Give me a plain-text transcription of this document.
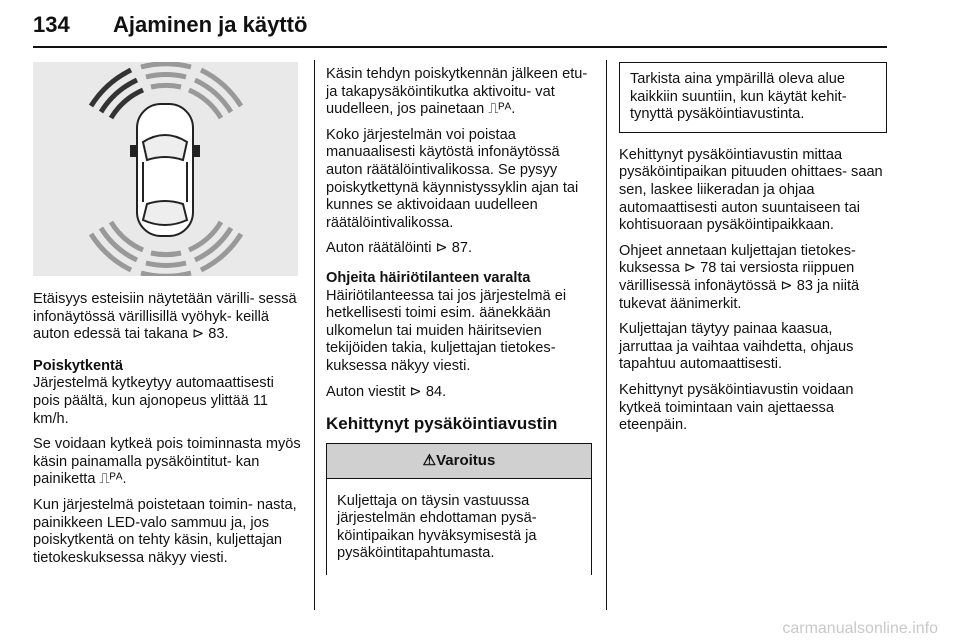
134 Ajaminen ja käyttö

Etäisyys esteisiin näytetään värilli- sessä infonäytössä värillisillä vyöhyk- keillä auton edessä tai takana ⊳ 83.

Poiskytkentä

Järjestelmä kytkeytyy automaattisesti pois päältä, kun ajonopeus ylittää 11 km/h.

Se voidaan kytkeä pois toiminnasta myös käsin painamalla pysäköintitut- kan painiketta ⎍ᴾᴬ.

Kun järjestelmä poistetaan toimin- nasta, painikkeen LED-valo sammuu ja, jos poiskytkentä on tehty käsin, kuljettajan tietokeskuksessa näkyy viesti.

Käsin tehdyn poiskytkennän jälkeen etu- ja takapysäköintikutka aktivoitu- vat uudelleen, jos painetaan ⎍ᴾᴬ.

Koko järjestelmän voi poistaa manuaalisesti käytöstä infonäytössä auton räätälöintivalikossa. Se pysyy poiskytkettynä käynnistyssyklin ajan tai kunnes se aktivoidaan uudelleen räätälöintivalikossa.

Auton räätälöinti ⊳ 87.

Ohjeita häiriötilanteen varalta

Häiriötilanteessa tai jos järjestelmä ei hetkellisesti toimi esim. äänekkään ulkomelun tai muiden häiritsevien tekijöiden takia, kuljettajan tietokes- kuksessa näkyy viesti.

Auton viestit ⊳ 84.

Kehittynyt pysäköintiavustin
⚠Varoitus
Kuljettaja on täysin vastuussa järjestelmän ehdottaman pysä- köintipaikan hyväksymisestä ja pysäköintitapahtumasta.
Tarkista aina ympärillä oleva alue kaikkiin suuntiin, kun käytät kehit- tynyttä pysäköintiavustinta.

Kehittynyt pysäköintiavustin mittaa pysäköintipaikan pituuden ohittaes- saan sen, laskee liikeradan ja ohjaa automaattisesti auton suuntaiseen tai kohtisuoraan pysäköintipaikkaan.

Ohjeet annetaan kuljettajan tietokes- kuksessa ⊳ 78 tai versiosta riippuen värillisessä infonäytössä ⊳ 83 ja niitä tukevat äänimerkit.

Kuljettajan täytyy painaa kaasua, jarruttaa ja vaihtaa vaihdetta, ohjaus tapahtuu automaattisesti.

Kehittynyt pysäköintiavustin voidaan kytkeä toimintaan vain ajettaessa eteenpäin.

carmanualsonline.info
